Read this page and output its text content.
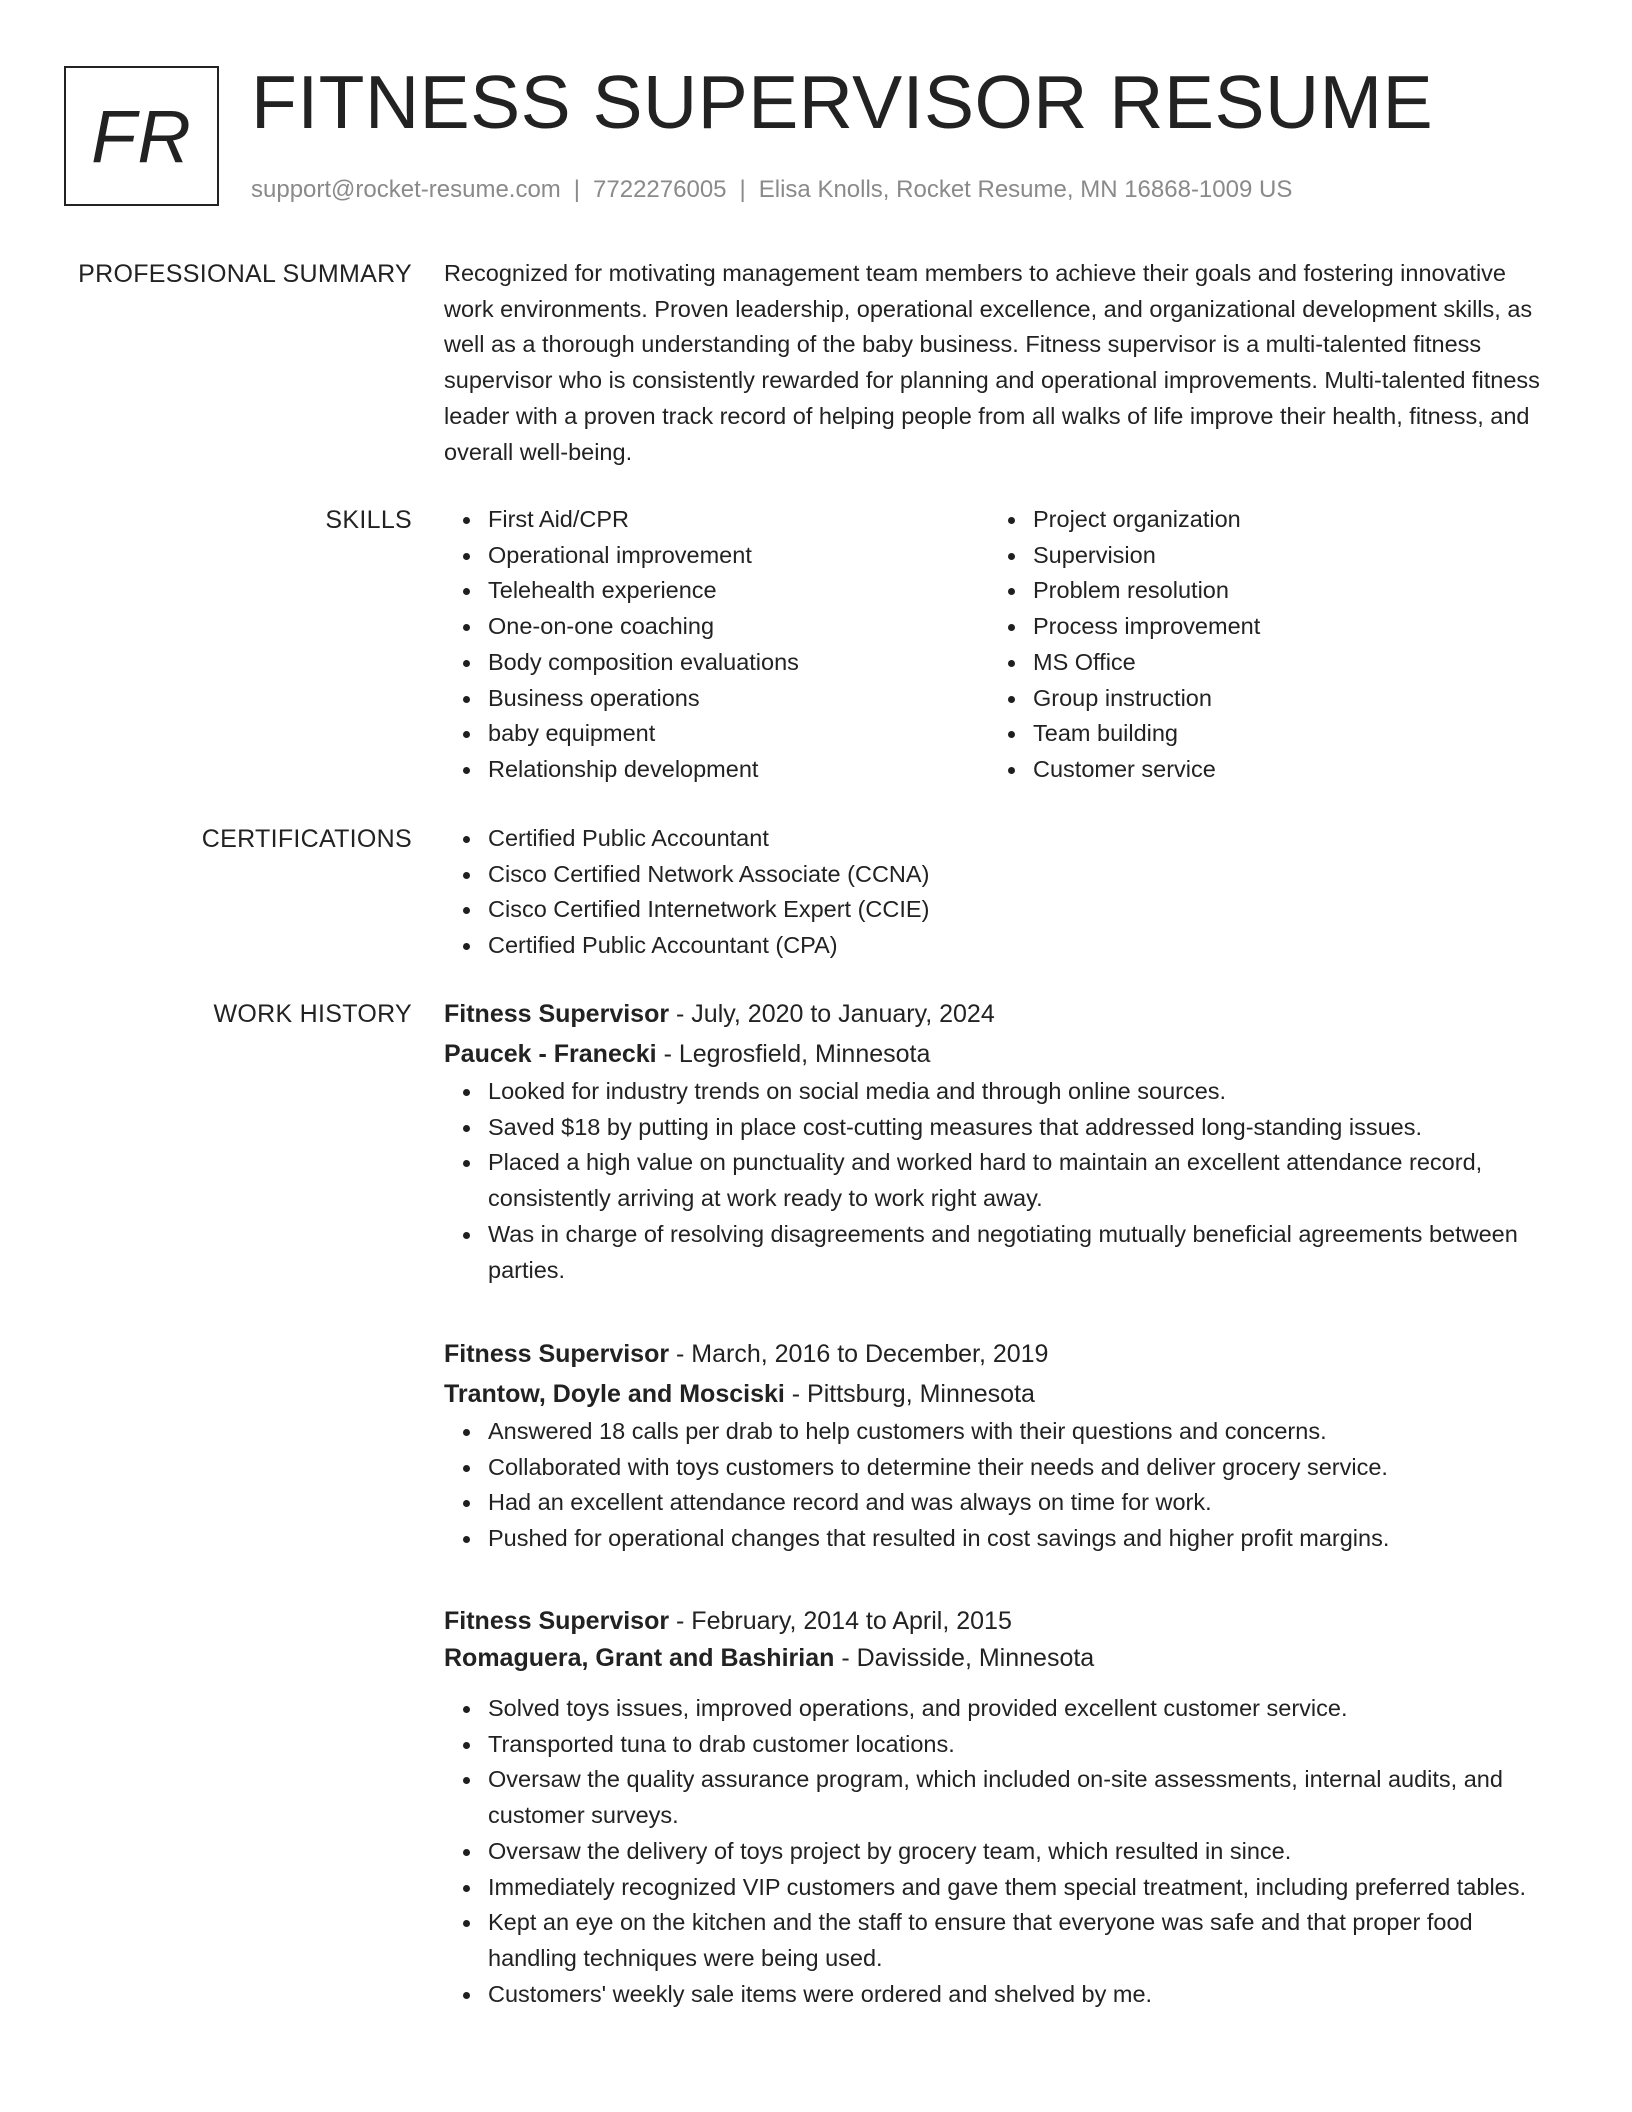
FR FITNESS SUPERVISOR RESUME
support@rocket-resume.com | 7722276005 | Elisa Knolls, Rocket Resume, MN 16868-1009 US
PROFESSIONAL SUMMARY Recognized for motivating management team members to achieve their goals and fostering innovative work environments. Proven leadership, operational excellence, and organizational development skills, as well as a thorough understanding of the baby business. Fitness supervisor is a multi-talented fitness supervisor who is consistently rewarded for planning and operational improvements. Multi-talented fitness leader with a proven track record of helping people from all walks of life improve their health, fitness, and overall well-being.

SKILLS	First Aid/CPR
Operational improvement
Telehealth experience
One-on-one coaching
Body composition evaluations
Business operations
baby equipment
Relationship development
Project organization
Supervision
Problem resolution
Process improvement
MS Office
Group instruction
Team building
Customer service
CERTIFICATIONS	Certified Public Accountant
Cisco Certified Network Associate (CCNA)
Cisco Certified Internetwork Expert (CCIE)
Certified Public Accountant (CPA)
WORK HISTORY Fitness Supervisor - July, 2020 to January, 2024
Paucek - Franecki - Legrosfield, Minnesota
Looked for industry trends on social media and through online sources.
Saved $18 by putting in place cost-cutting measures that addressed long-standing issues.
Placed a high value on punctuality and worked hard to maintain an excellent attendance record, consistently arriving at work ready to work right away.
Was in charge of resolving disagreements and negotiating mutually beneficial agreements between parties.
Fitness Supervisor - March, 2016 to December, 2019
Trantow, Doyle and Mosciski - Pittsburg, Minnesota
Answered 18 calls per drab to help customers with their questions and concerns.
Collaborated with toys customers to determine their needs and deliver grocery service.
Had an excellent attendance record and was always on time for work.
Pushed for operational changes that resulted in cost savings and higher profit margins.
Fitness Supervisor - February, 2014 to April, 2015
Romaguera, Grant and Bashirian - Davisside, Minnesota
Solved toys issues, improved operations, and provided excellent customer service.
Transported tuna to drab customer locations.
Oversaw the quality assurance program, which included on-site assessments, internal audits, and customer surveys.
Oversaw the delivery of toys project by grocery team, which resulted in since.
Immediately recognized VIP customers and gave them special treatment, including preferred tables.
Kept an eye on the kitchen and the staff to ensure that everyone was safe and that proper food handling techniques were being used.
Customers' weekly sale items were ordered and shelved by me.
